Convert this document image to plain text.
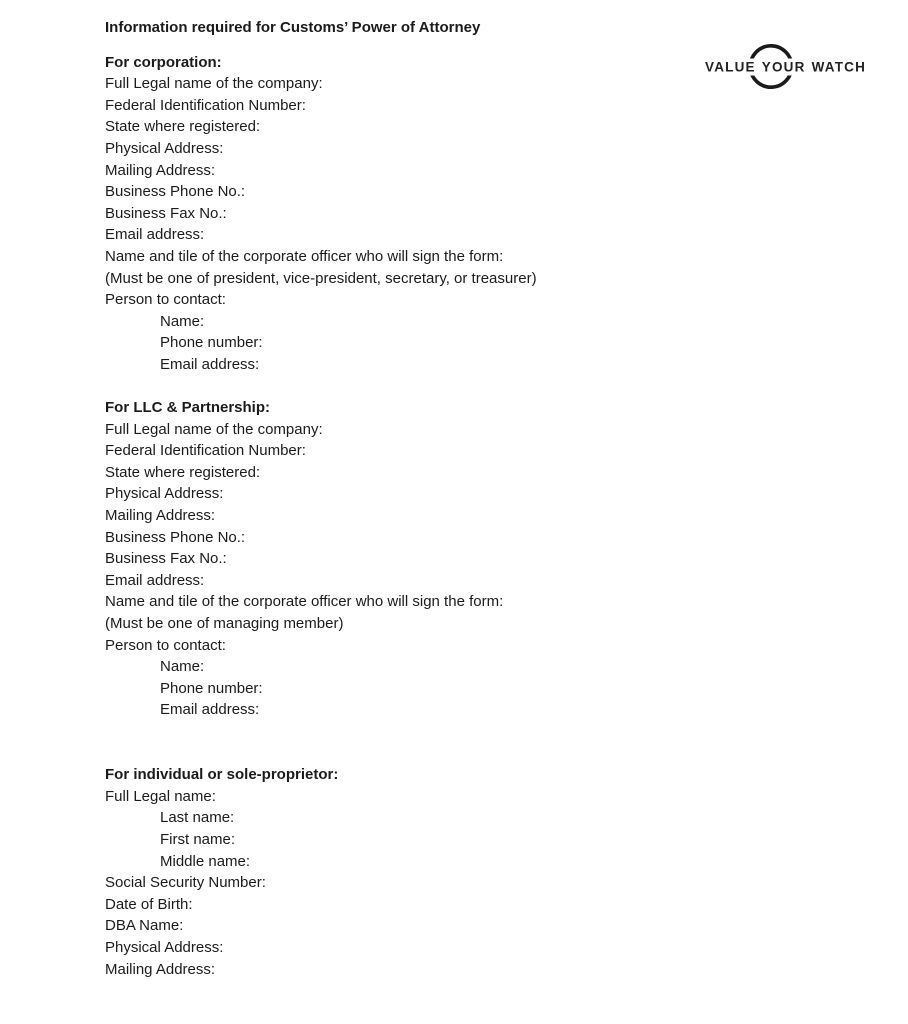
VALUE YOUR WATCH
Information required for Customs’ Power of Attorney
For corporation:
Full Legal name of the company:
Federal Identification Number:
State where registered:
Physical Address:
Mailing Address:
Business Phone No.:
Business Fax No.:
Email address:
Name and tile of the corporate officer who will sign the form:
(Must be one of president, vice-president, secretary, or treasurer)
Person to contact:
Name:
Phone number:
Email address:
For LLC & Partnership:
Full Legal name of the company:
Federal Identification Number:
State where registered:
Physical Address:
Mailing Address:
Business Phone No.:
Business Fax No.:
Email address:
Name and tile of the corporate officer who will sign the form:
(Must be one of managing member)
Person to contact:
Name:
Phone number:
Email address:
For individual or sole-proprietor:
Full Legal name:
Last name:
First name:
Middle name:
Social Security Number:
Date of Birth:
DBA Name:
Physical Address:
Mailing Address:
